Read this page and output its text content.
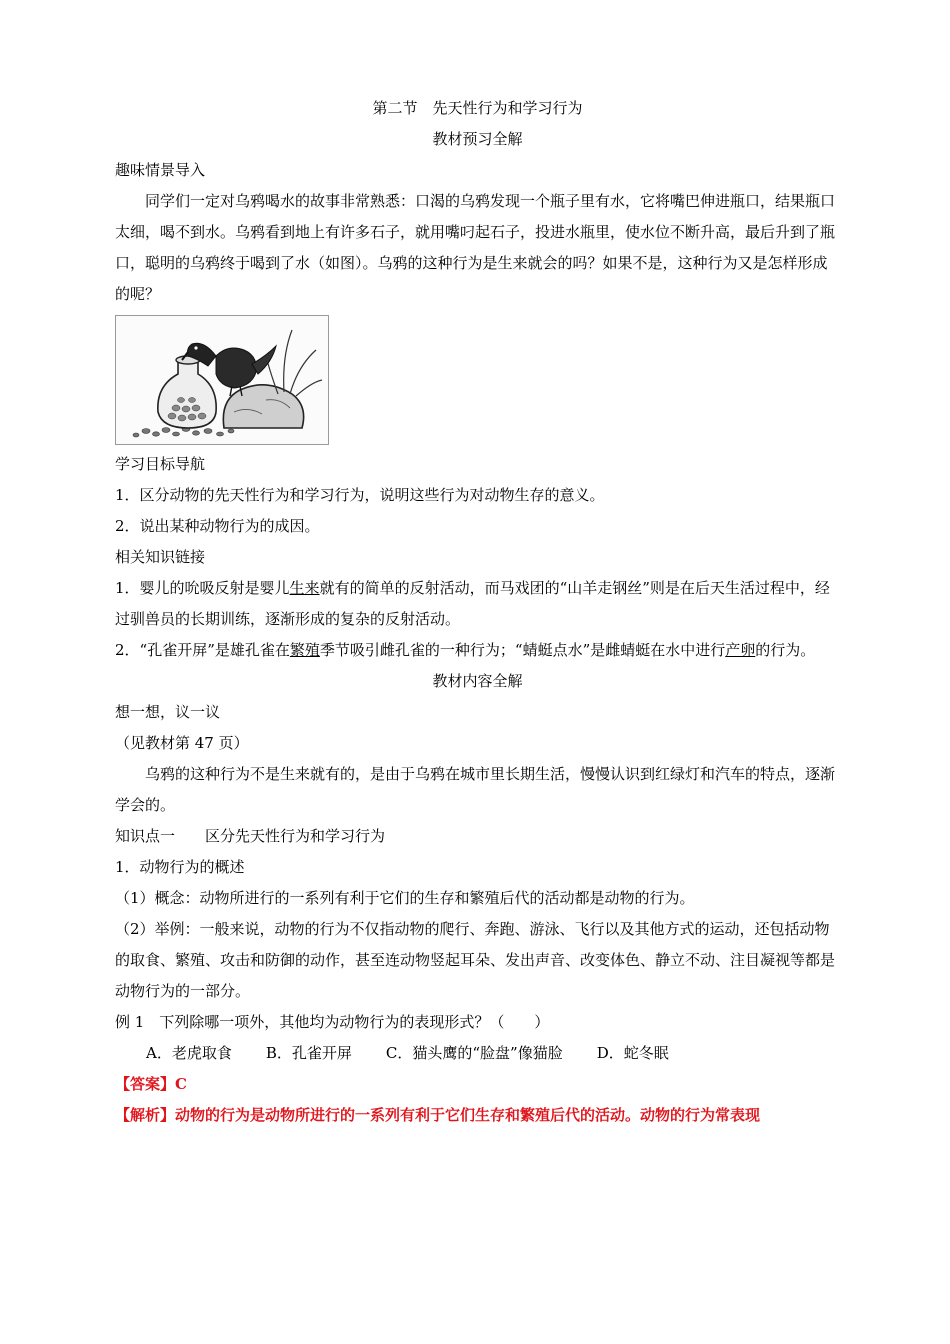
第二节　先天性行为和学习行为

教材预习全解

趣味情景导入

同学们一定对乌鸦喝水的故事非常熟悉：口渴的乌鸦发现一个瓶子里有水，它将嘴巴伸进瓶口，结果瓶口太细，喝不到水。乌鸦看到地上有许多石子，就用嘴叼起石子，投进水瓶里，使水位不断升高，最后升到了瓶口，聪明的乌鸦终于喝到了水（如图）。乌鸦的这种行为是生来就会的吗？如果不是，这种行为又是怎样形成的呢？

学习目标导航

1．区分动物的先天性行为和学习行为，说明这些行为对动物生存的意义。

2．说出某种动物行为的成因。

相关知识链接

1．婴儿的吮吸反射是婴儿生来就有的简单的反射活动，而马戏团的“山羊走钢丝”则是在后天生活过程中，经过驯兽员的长期训练，逐渐形成的复杂的反射活动。

2．“孔雀开屏”是雄孔雀在繁殖季节吸引雌孔雀的一种行为；“蜻蜓点水”是雌蜻蜓在水中进行产卵的行为。

教材内容全解

想一想，议一议

（见教材第 47 页）

乌鸦的这种行为不是生来就有的，是由于乌鸦在城市里长期生活，慢慢认识到红绿灯和汽车的特点，逐渐学会的。

知识点一　　区分先天性行为和学习行为

1．动物行为的概述

（1）概念：动物所进行的一系列有利于它们的生存和繁殖后代的活动都是动物的行为。

（2）举例：一般来说，动物的行为不仅指动物的爬行、奔跑、游泳、飞行以及其他方式的运动，还包括动物的取食、繁殖、攻击和防御的动作，甚至连动物竖起耳朵、发出声音、改变体色、静立不动、注目凝视等都是动物行为的一部分。

例 1　下列除哪一项外，其他均为动物行为的表现形式？（　　）

A．老虎取食 B．孔雀开屏 C．猫头鹰的“脸盘”像猫脸 D．蛇冬眠

【答案】C

【解析】动物的行为是动物所进行的一系列有利于它们生存和繁殖后代的活动。动物的行为常表现
